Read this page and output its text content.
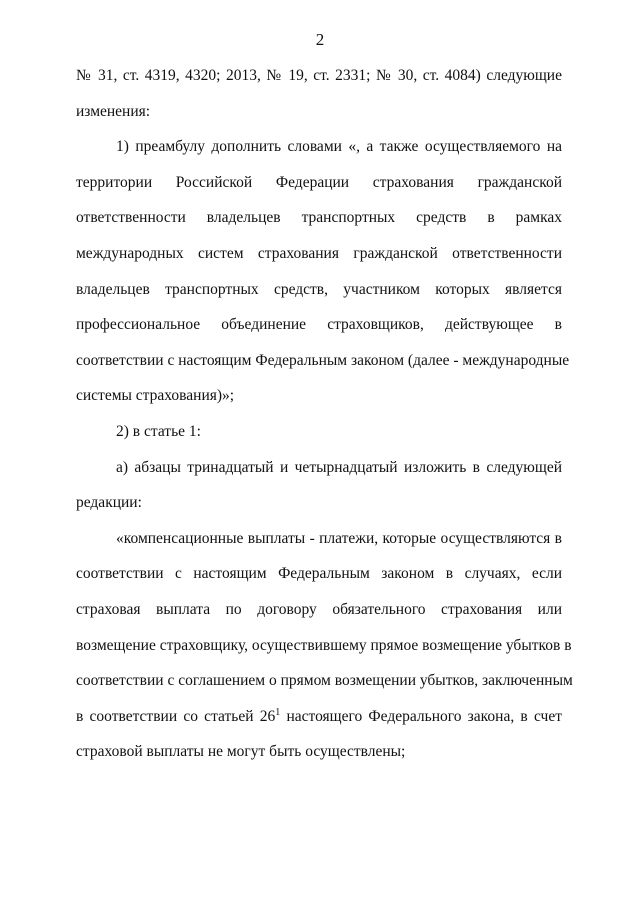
2
№ 31, ст. 4319, 4320; 2013, № 19, ст. 2331; № 30, ст. 4084) следующие
изменения:
1) преамбулу дополнить словами «, а также осуществляемого на
территории Российской Федерации страхования гражданской
ответственности владельцев транспортных средств в рамках
международных систем страхования гражданской ответственности
владельцев транспортных средств, участником которых является
профессиональное объединение страховщиков, действующее в
соответствии с настоящим Федеральным законом (далее - международные
системы страхования)»;
2) в статье 1:
а) абзацы тринадцатый и четырнадцатый изложить в следующей
редакции:
«компенсационные выплаты - платежи, которые осуществляются в
соответствии с настоящим Федеральным законом в случаях, если
страховая выплата по договору обязательного страхования или
возмещение страховщику, осуществившему прямое возмещение убытков в
соответствии с соглашением о прямом возмещении убытков, заключенным
в соответствии со статьей $26^1$ настоящего Федерального закона, в счет
страховой выплаты не могут быть осуществлены;
